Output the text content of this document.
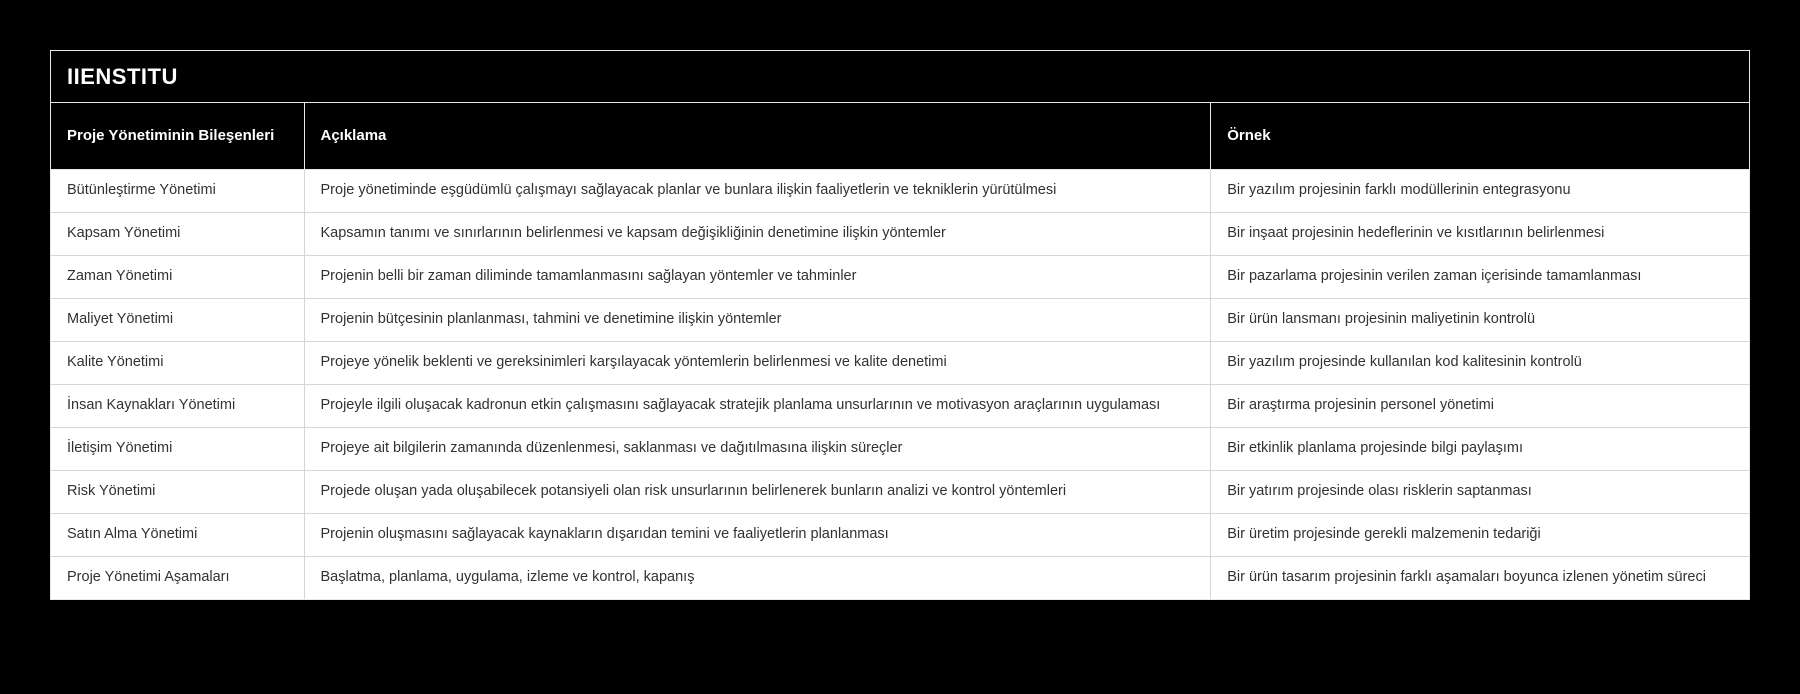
IIENSTITU
Proje Yönetiminin Bileşenleri	Açıklama	Örnek
Bütünleştirme Yönetimi	Proje yönetiminde eşgüdümlü çalışmayı sağlayacak planlar ve bunlara ilişkin faaliyetlerin ve tekniklerin yürütülmesi	Bir yazılım projesinin farklı modüllerinin entegrasyonu
Kapsam Yönetimi	Kapsamın tanımı ve sınırlarının belirlenmesi ve kapsam değişikliğinin denetimine ilişkin yöntemler	Bir inşaat projesinin hedeflerinin ve kısıtlarının belirlenmesi
Zaman Yönetimi	Projenin belli bir zaman diliminde tamamlanmasını sağlayan yöntemler ve tahminler	Bir pazarlama projesinin verilen zaman içerisinde tamamlanması
Maliyet Yönetimi	Projenin bütçesinin planlanması, tahmini ve denetimine ilişkin yöntemler	Bir ürün lansmanı projesinin maliyetinin kontrolü
Kalite Yönetimi	Projeye yönelik beklenti ve gereksinimleri karşılayacak yöntemlerin belirlenmesi ve kalite denetimi	Bir yazılım projesinde kullanılan kod kalitesinin kontrolü
İnsan Kaynakları Yönetimi	Projeyle ilgili oluşacak kadronun etkin çalışmasını sağlayacak stratejik planlama unsurlarının ve motivasyon araçlarının uygulaması	Bir araştırma projesinin personel yönetimi
İletişim Yönetimi	Projeye ait bilgilerin zamanında düzenlenmesi, saklanması ve dağıtılmasına ilişkin süreçler	Bir etkinlik planlama projesinde bilgi paylaşımı
Risk Yönetimi	Projede oluşan yada oluşabilecek potansiyeli olan risk unsurlarının belirlenerek bunların analizi ve kontrol yöntemleri	Bir yatırım projesinde olası risklerin saptanması
Satın Alma Yönetimi	Projenin oluşmasını sağlayacak kaynakların dışarıdan temini ve faaliyetlerin planlanması	Bir üretim projesinde gerekli malzemenin tedariği
Proje Yönetimi Aşamaları	Başlatma, planlama, uygulama, izleme ve kontrol, kapanış	Bir ürün tasarım projesinin farklı aşamaları boyunca izlenen yönetim süreci
